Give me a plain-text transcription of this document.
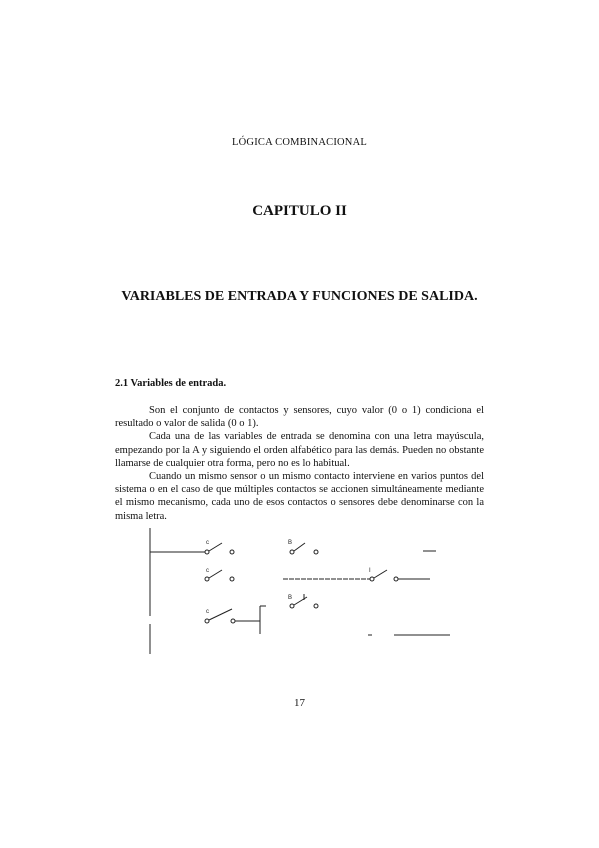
LÓGICA COMBINACIONAL
CAPITULO II
VARIABLES DE ENTRADA Y FUNCIONES DE SALIDA.
2.1 Variables de entrada.

Son el conjunto de contactos y sensores, cuyo valor (0 o 1) condiciona el resultado o valor de salida (0 o 1).

Cada una de las variables de entrada se denomina con una letra mayúscula, empezando por la A y siguiendo el orden alfabético para las demás. Pueden no obstante llamarse de cualquier otra forma, pero no es lo habitual.

Cuando un mismo sensor o un mismo contacto interviene en varios puntos del sistema o en el caso de que múltiples contactos se accionen simultáneamente mediante el mismo mecanismo, cada uno de esos contactos o sensores debe denominarse con la misma letra.

c	B
c	I
B
c
17
